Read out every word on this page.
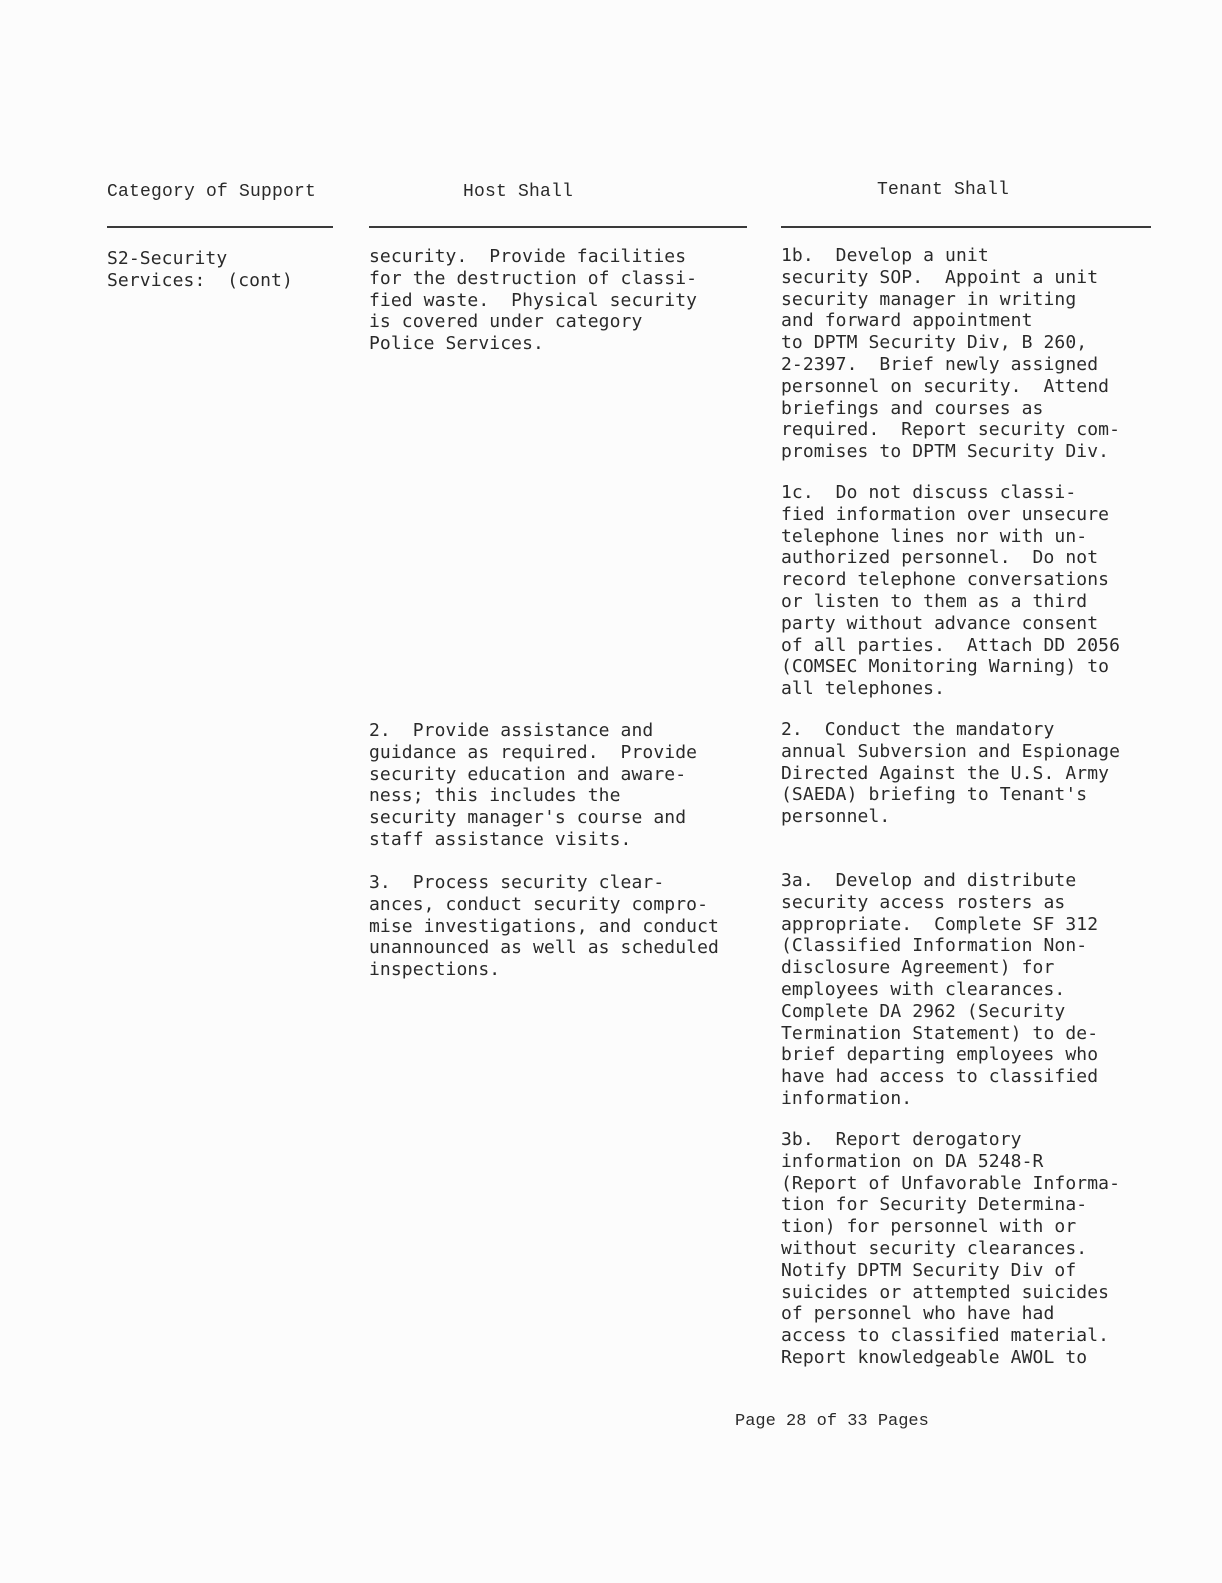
Category of Support	Host Shall	Tenant Shall
S2-Security
Services:  (cont)
security.  Provide facilities
for the destruction of classi-
fied waste.  Physical security
is covered under category
Police Services.
2.  Provide assistance and
guidance as required.  Provide
security education and aware-
ness; this includes the
security manager's course and
staff assistance visits.
3.  Process security clear-
ances, conduct security compro-
mise investigations, and conduct
unannounced as well as scheduled
inspections.
1b.  Develop a unit
security SOP.  Appoint a unit
security manager in writing
and forward appointment
to DPTM Security Div, B 260,
2-2397.  Brief newly assigned
personnel on security.  Attend
briefings and courses as
required.  Report security com-
promises to DPTM Security Div.
1c.  Do not discuss classi-
fied information over unsecure
telephone lines nor with un-
authorized personnel.  Do not
record telephone conversations
or listen to them as a third
party without advance consent
of all parties.  Attach DD 2056
(COMSEC Monitoring Warning) to
all telephones.
2.  Conduct the mandatory
annual Subversion and Espionage
Directed Against the U.S. Army
(SAEDA) briefing to Tenant's
personnel.
3a.  Develop and distribute
security access rosters as
appropriate.  Complete SF 312
(Classified Information Non-
disclosure Agreement) for
employees with clearances.
Complete DA 2962 (Security
Termination Statement) to de-
brief departing employees who
have had access to classified
information.
3b.  Report derogatory
information on DA 5248-R
(Report of Unfavorable Informa-
tion for Security Determina-
tion) for personnel with or
without security clearances.
Notify DPTM Security Div of
suicides or attempted suicides
of personnel who have had
access to classified material.
Report knowledgeable AWOL to
Page 28 of 33 Pages
